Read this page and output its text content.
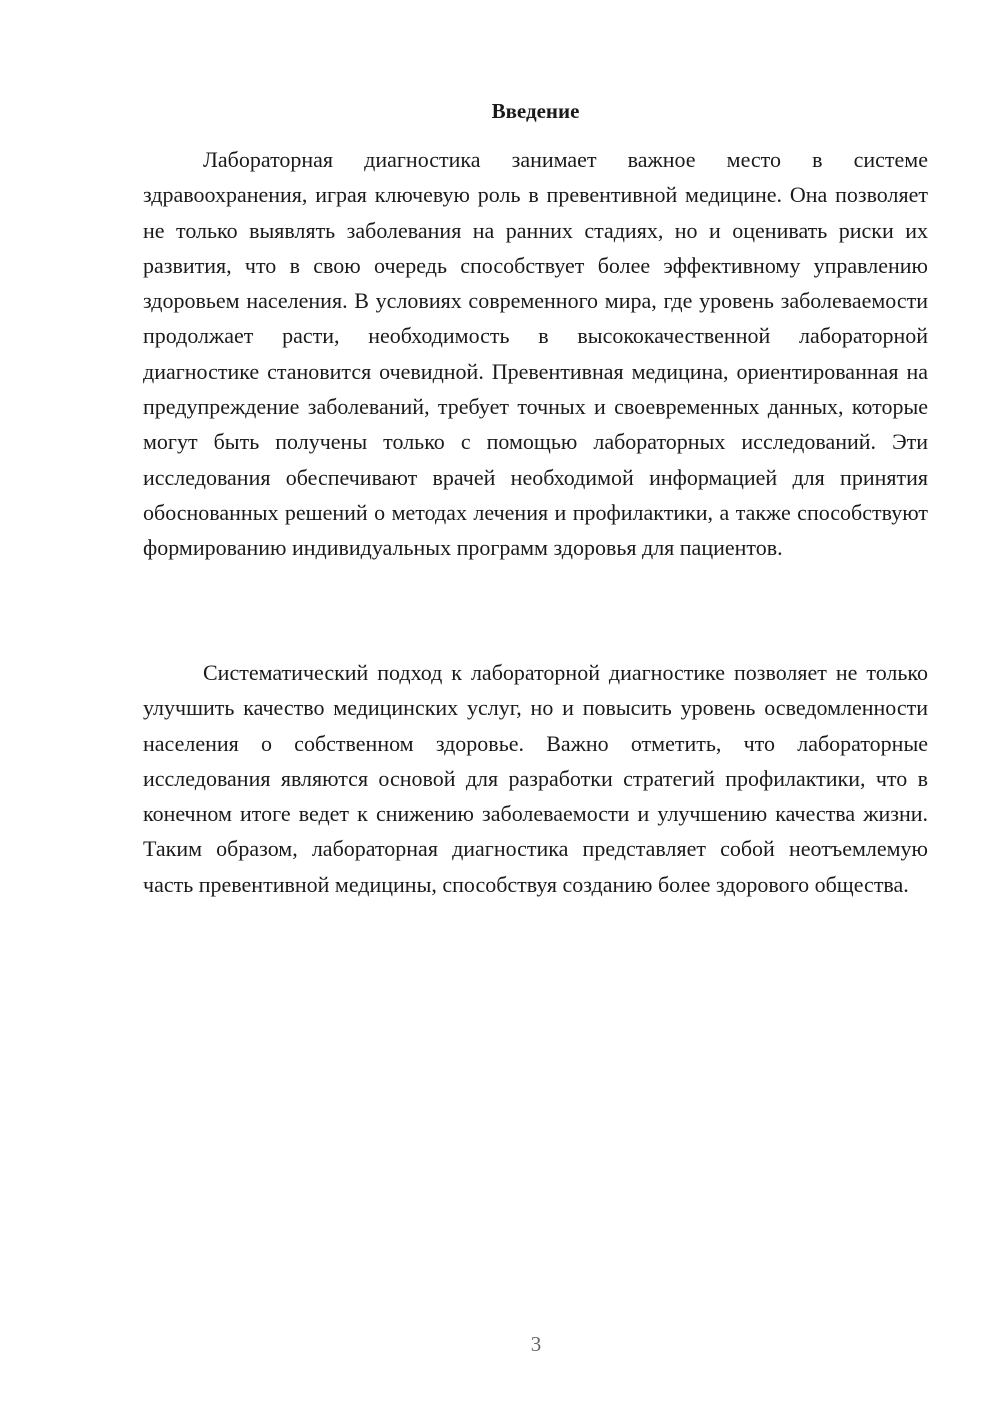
Введение

Лабораторная диагностика занимает важное место в системе здравоохранения, играя ключевую роль в превентивной медицине. Она позволяет не только выявлять заболевания на ранних стадиях, но и оценивать риски их развития, что в свою очередь способствует более эффективному управлению здоровьем населения. В условиях современного мира, где уровень заболеваемости продолжает расти, необходимость в высококачественной лабораторной диагностике становится очевидной. Превентивная медицина, ориентированная на предупреждение заболеваний, требует точных и своевременных данных, которые могут быть получены только с помощью лабораторных исследований. Эти исследования обеспечивают врачей необходимой информацией для принятия обоснованных решений о методах лечения и профилактики, а также способствуют формированию индивидуальных программ здоровья для пациентов.

Систематический подход к лабораторной диагностике позволяет не только улучшить качество медицинских услуг, но и повысить уровень осведомленности населения о собственном здоровье. Важно отметить, что лабораторные исследования являются основой для разработки стратегий профилактики, что в конечном итоге ведет к снижению заболеваемости и улучшению качества жизни. Таким образом, лабораторная диагностика представляет собой неотъемлемую часть превентивной медицины, способствуя созданию более здорового общества.

3
